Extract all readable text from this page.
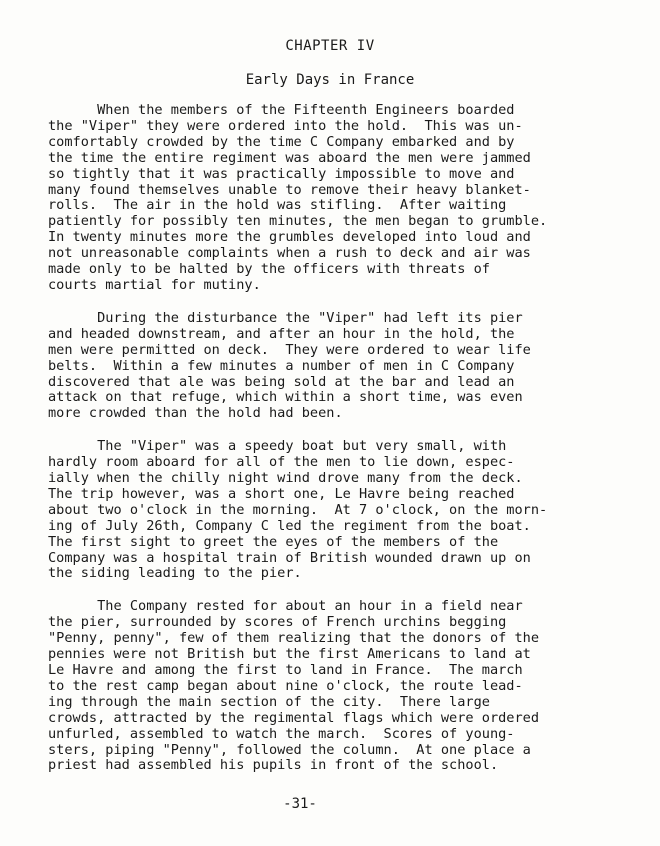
CHAPTER IV
Early Days in France

When the members of the Fifteenth Engineers boarded
the "Viper" they were ordered into the hold.  This was un-
comfortably crowded by the time C Company embarked and by
the time the entire regiment was aboard the men were jammed
so tightly that it was practically impossible to move and
many found themselves unable to remove their heavy blanket-
rolls.  The air in the hold was stifling.  After waiting
patiently for possibly ten minutes, the men began to grumble.
In twenty minutes more the grumbles developed into loud and
not unreasonable complaints when a rush to deck and air was
made only to be halted by the officers with threats of
courts martial for mutiny.

During the disturbance the "Viper" had left its pier
and headed downstream, and after an hour in the hold, the
men were permitted on deck.  They were ordered to wear life
belts.  Within a few minutes a number of men in C Company
discovered that ale was being sold at the bar and lead an
attack on that refuge, which within a short time, was even
more crowded than the hold had been.

The "Viper" was a speedy boat but very small, with
hardly room aboard for all of the men to lie down, espec-
ially when the chilly night wind drove many from the deck.
The trip however, was a short one, Le Havre being reached
about two o'clock in the morning.  At 7 o'clock, on the morn-
ing of July 26th, Company C led the regiment from the boat.
The first sight to greet the eyes of the members of the
Company was a hospital train of British wounded drawn up on
the siding leading to the pier.

The Company rested for about an hour in a field near
the pier, surrounded by scores of French urchins begging
"Penny, penny", few of them realizing that the donors of the
pennies were not British but the first Americans to land at
Le Havre and among the first to land in France.  The march
to the rest camp began about nine o'clock, the route lead-
ing through the main section of the city.  There large
crowds, attracted by the regimental flags which were ordered
unfurled, assembled to watch the march.  Scores of young-
sters, piping "Penny", followed the column.  At one place a
priest had assembled his pupils in front of the school.

-31-
